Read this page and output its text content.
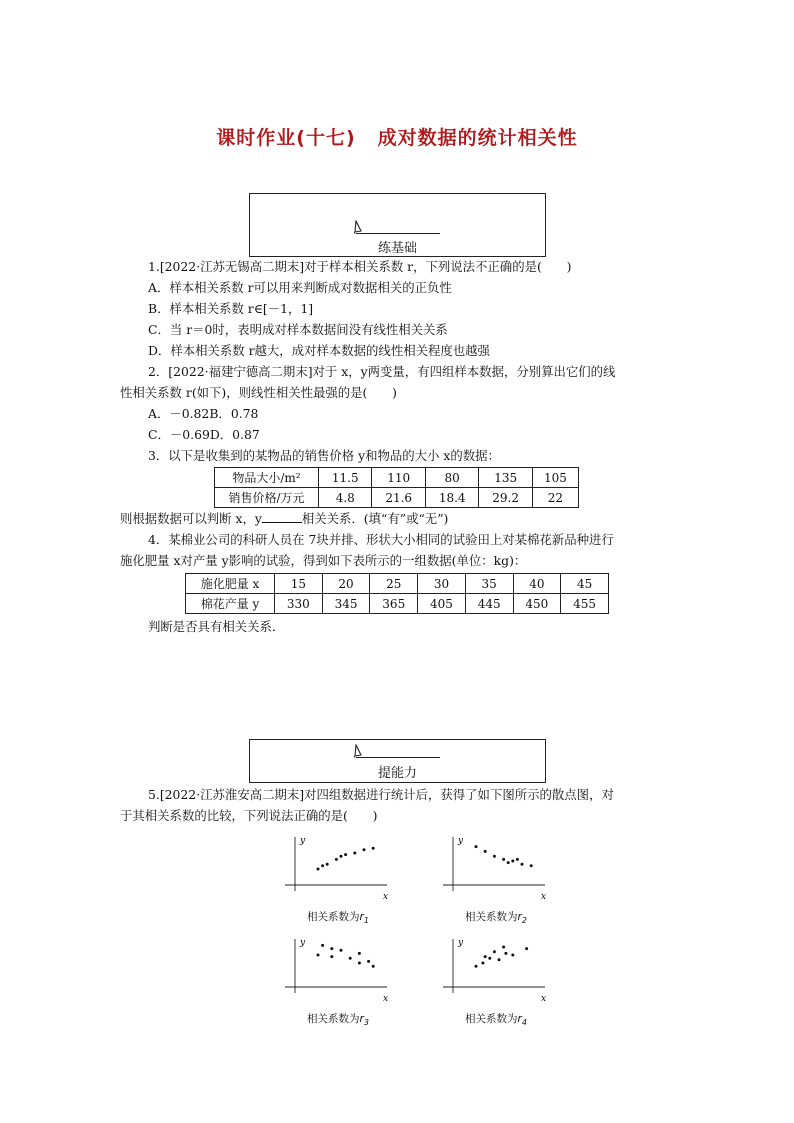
课时作业(十七) 成对数据的统计相关性
练基础
1.[2022·江苏无锡高二期末]对于样本相关系数 r，下列说法不正确的是(　　)
A．样本相关系数 r可以用来判断成对数据相关的正负性
B．样本相关系数 r∈[－1，1]
C．当 r＝0时，表明成对样本数据间没有线性相关关系
D．样本相关系数 r越大，成对样本数据的线性相关程度也越强
2．[2022·福建宁德高二期末]对于 x，y两变量，有四组样本数据，分别算出它们的线
性相关系数 r(如下)，则线性相关性最强的是(　　)
A．－0.82B．0.78
C．－0.69D．0.87
3．以下是收集到的某物品的销售价格 y和物品的大小 x的数据：
物品大小/m²	11.5	110	80	135	105
销售价格/万元	4.8	21.6	18.4	29.2	22
则根据数据可以判断 x，y	相关关系．(填“有”或“无”)
4．某棉业公司的科研人员在 7块并排、形状大小相同的试验田上对某棉花新品种进行
施化肥量 x对产量 y影响的试验，得到如下表所示的一组数据(单位：kg)：
施化肥量 x	15	20	25	30	35	40	45
棉花产量 y	330	345	365	405	445	450	455
判断是否具有相关关系．
提能力
5.[2022·江苏淮安高二期末]对四组数据进行统计后，获得了如下图所示的散点图，对
于其相关系数的比较，下列说法正确的是(　　)
x
y
相关系数为$r_1$
x
y
相关系数为$r_2$
x
y
相关系数为$r_3$
x
y
相关系数为$r_4$
